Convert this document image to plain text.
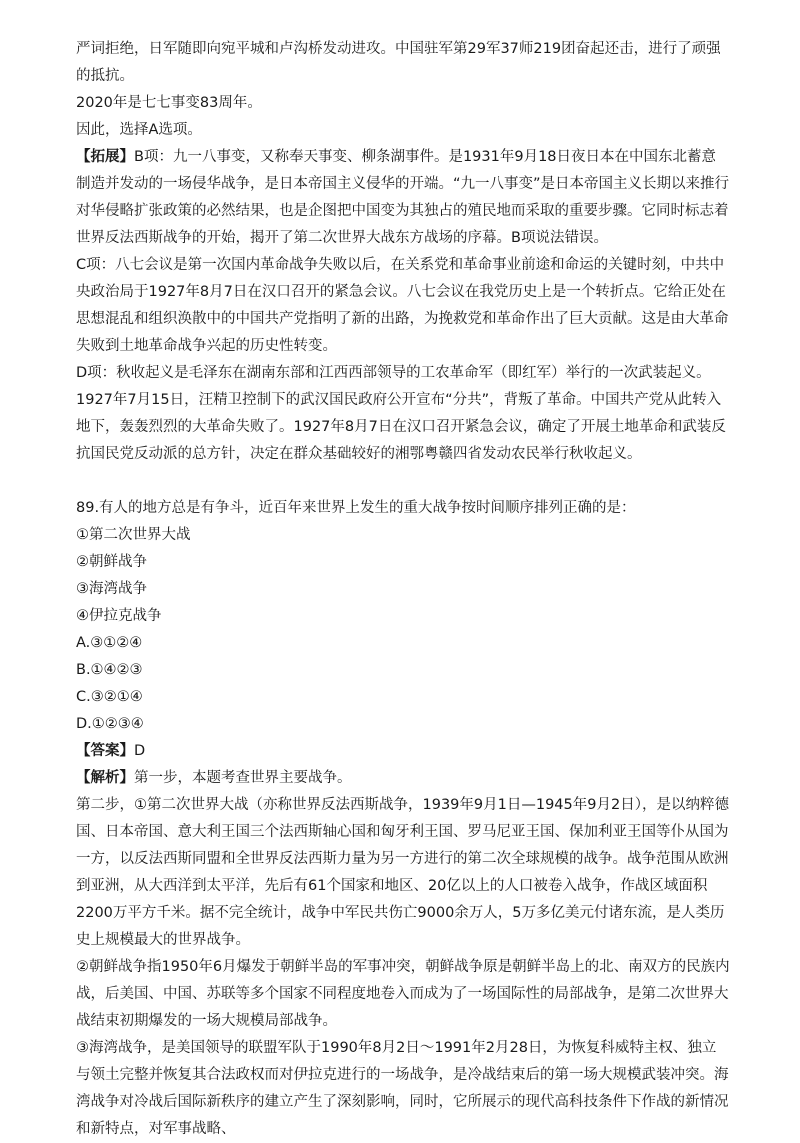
严词拒绝，日军随即向宛平城和卢沟桥发动进攻。中国驻军第29军37师219团奋起还击，进行了顽强的抵抗。

2020年是七七事变83周年。

因此，选择A选项。

【拓展】B项：九一八事变，又称奉天事变、柳条湖事件。是1931年9月18日夜日本在中国东北蓄意制造并发动的一场侵华战争，是日本帝国主义侵华的开端。“九一八事变”是日本帝国主义长期以来推行对华侵略扩张政策的必然结果，也是企图把中国变为其独占的殖民地而采取的重要步骤。它同时标志着世界反法西斯战争的开始，揭开了第二次世界大战东方战场的序幕。B项说法错误。

C项：八七会议是第一次国内革命战争失败以后，在关系党和革命事业前途和命运的关键时刻，中共中央政治局于1927年8月7日在汉口召开的紧急会议。八七会议在我党历史上是一个转折点。它给正处在思想混乱和组织涣散中的中国共产党指明了新的出路，为挽救党和革命作出了巨大贡献。这是由大革命失败到土地革命战争兴起的历史性转变。

D项：秋收起义是毛泽东在湖南东部和江西西部领导的工农革命军（即红军）举行的一次武装起义。1927年7月15日，汪精卫控制下的武汉国民政府公开宣布“分共”，背叛了革命。中国共产党从此转入地下，轰轰烈烈的大革命失败了。1927年8月7日在汉口召开紧急会议，确定了开展土地革命和武装反抗国民党反动派的总方针，决定在群众基础较好的湘鄂粤赣四省发动农民举行秋收起义。

89.有人的地方总是有争斗，近百年来世界上发生的重大战争按时间顺序排列正确的是：

①第二次世界大战

②朝鲜战争

③海湾战争

④伊拉克战争

A.③①②④

B.①④②③

C.③②①④

D.①②③④

【答案】D

【解析】第一步，本题考查世界主要战争。

第二步，①第二次世界大战（亦称世界反法西斯战争，1939年9月1日—1945年9月2日），是以纳粹德国、日本帝国、意大利王国三个法西斯轴心国和匈牙利王国、罗马尼亚王国、保加利亚王国等仆从国为一方，以反法西斯同盟和全世界反法西斯力量为另一方进行的第二次全球规模的战争。战争范围从欧洲到亚洲，从大西洋到太平洋，先后有61个国家和地区、20亿以上的人口被卷入战争，作战区域面积2200万平方千米。据不完全统计，战争中军民共伤亡9000余万人，5万多亿美元付诸东流，是人类历史上规模最大的世界战争。

②朝鲜战争指1950年6月爆发于朝鲜半岛的军事冲突，朝鲜战争原是朝鲜半岛上的北、南双方的民族内战，后美国、中国、苏联等多个国家不同程度地卷入而成为了一场国际性的局部战争，是第二次世界大战结束初期爆发的一场大规模局部战争。

③海湾战争，是美国领导的联盟军队于1990年8月2日～1991年2月28日，为恢复科威特主权、独立与领土完整并恢复其合法政权而对伊拉克进行的一场战争，是冷战结束后的第一场大规模武装冲突。海湾战争对冷战后国际新秩序的建立产生了深刻影响，同时，它所展示的现代高科技条件下作战的新情况和新特点，对军事战略、
